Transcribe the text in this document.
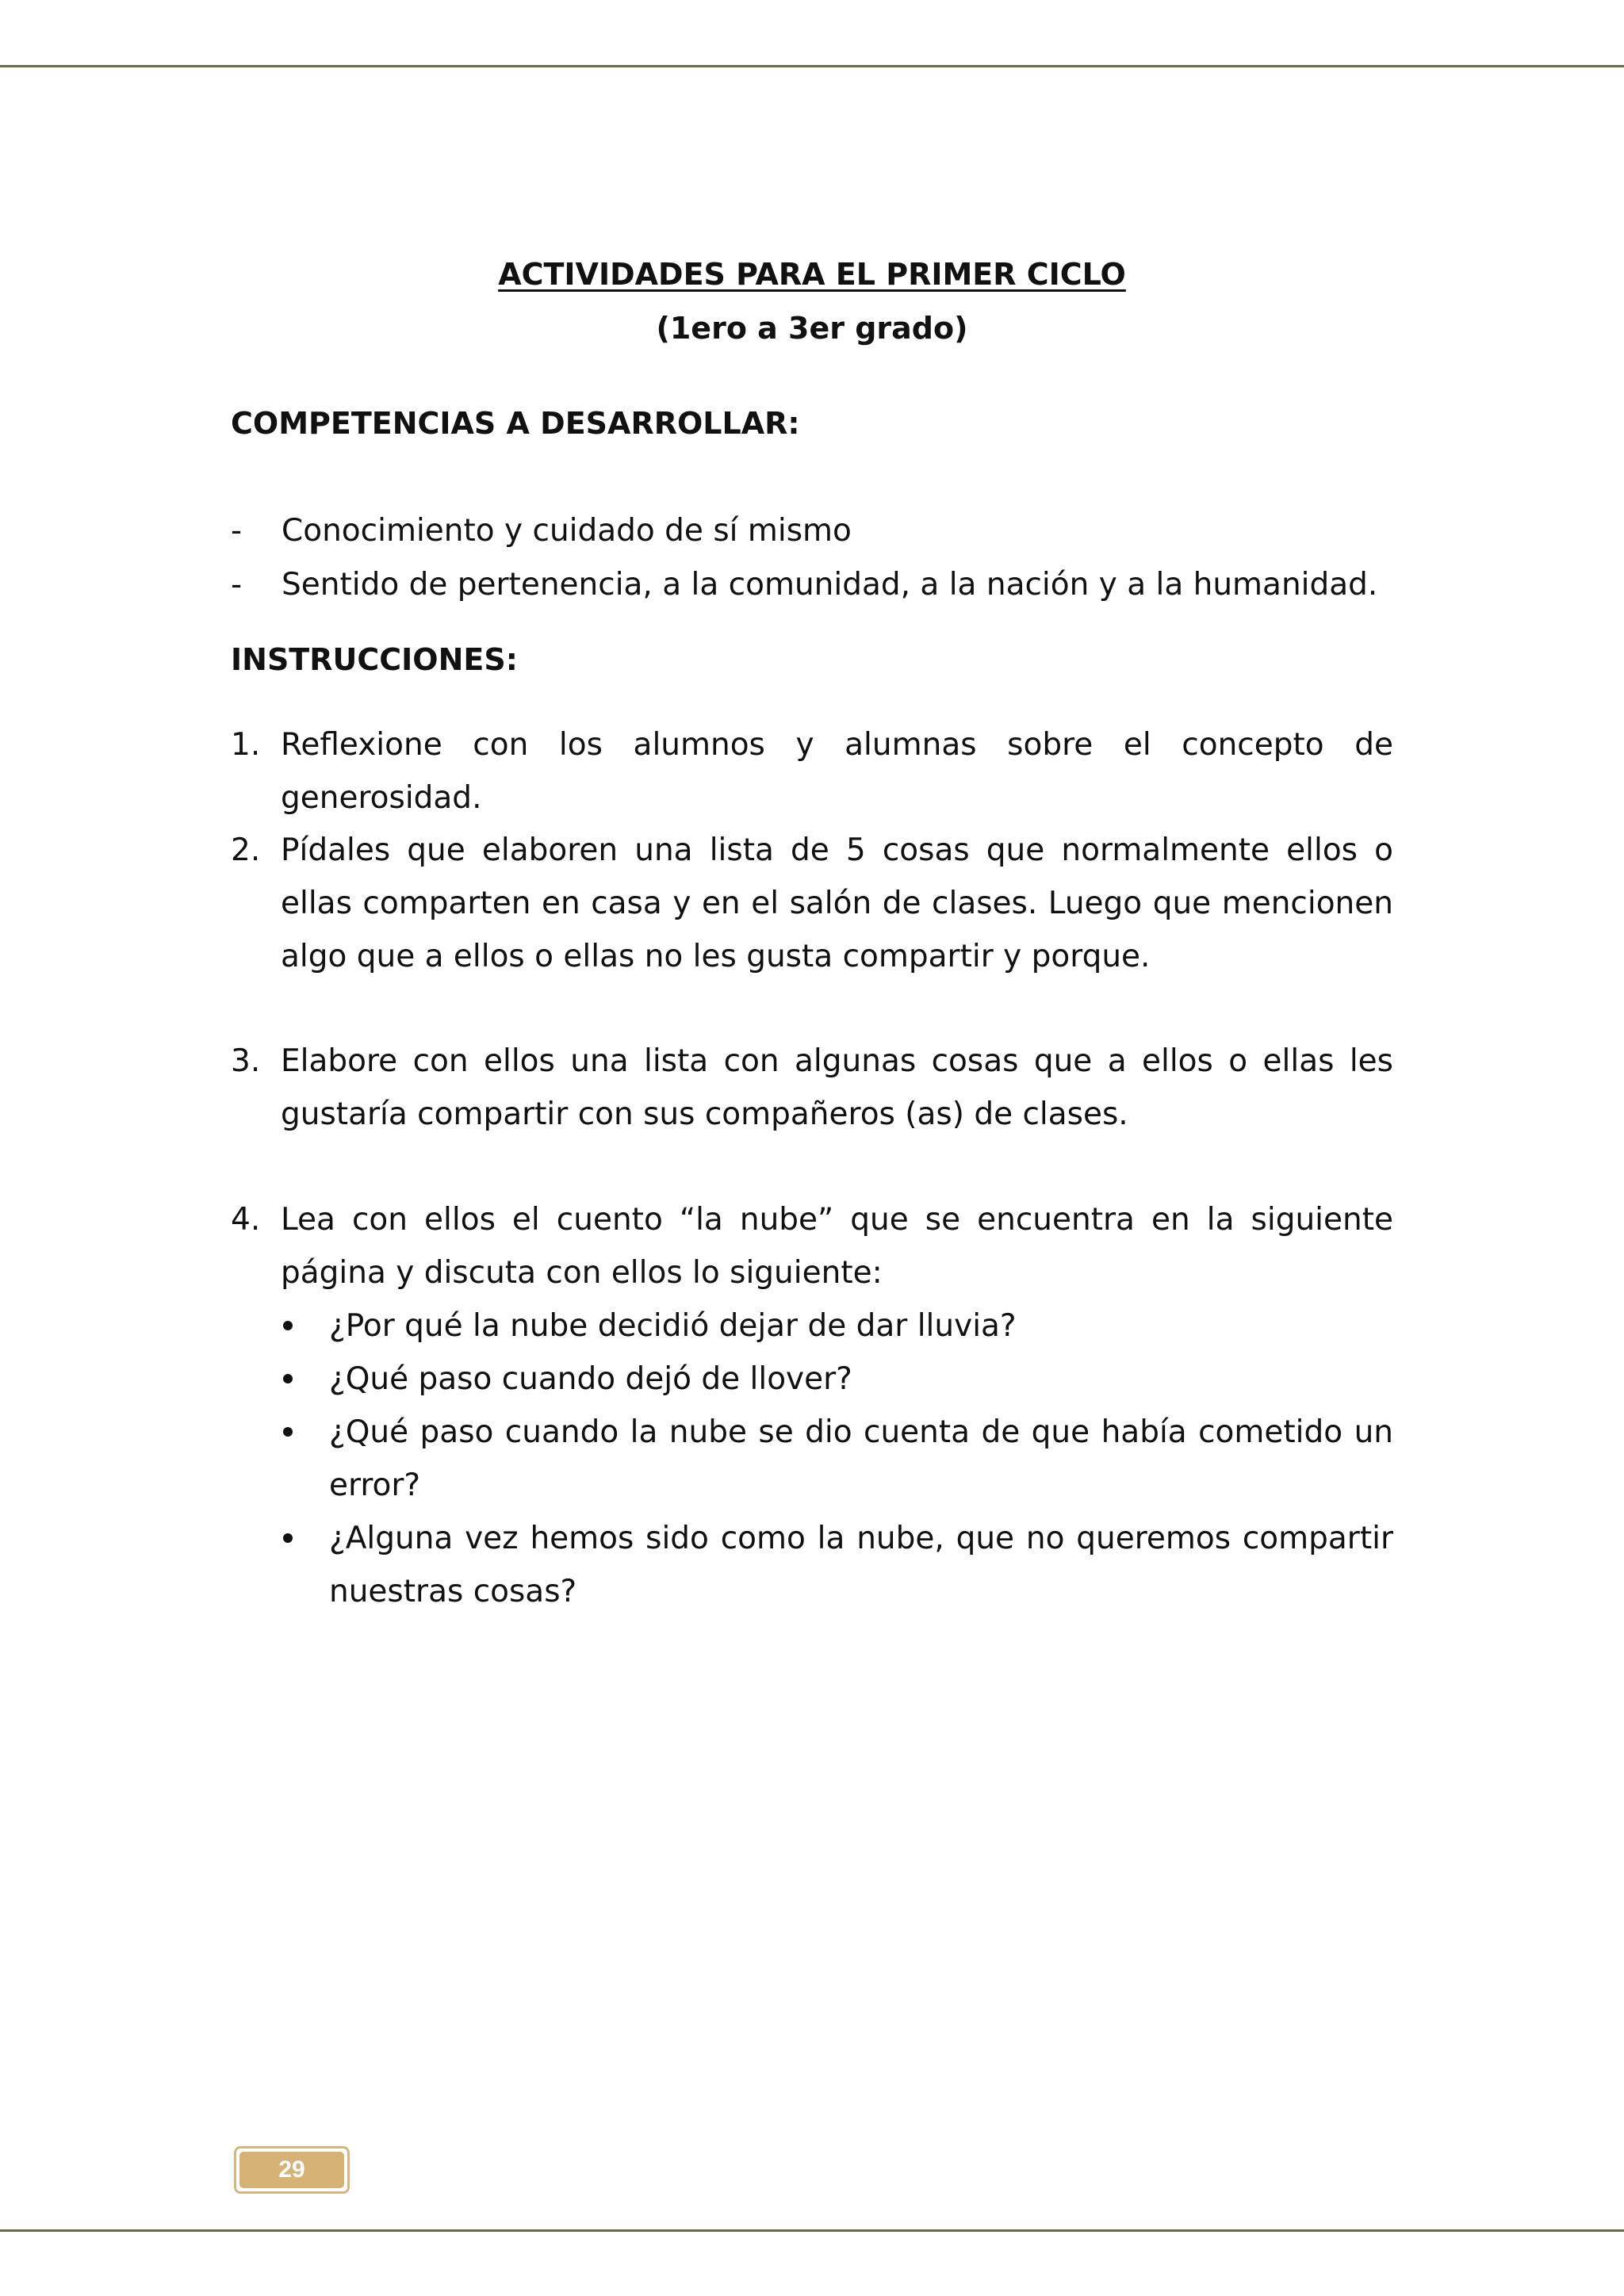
ACTIVIDADES PARA EL PRIMER CICLO
(1ero a 3er grado)
COMPETENCIAS A DESARROLLAR:
- Conocimiento y cuidado de sí mismo
- Sentido de pertenencia, a la comunidad, a la nación y a la humanidad.
INSTRUCCIONES:
1. Reflexione con los alumnos y alumnas sobre el concepto de generosidad.
2. Pídales que elaboren una lista de 5 cosas que normalmente ellos o ellas comparten en casa y en el salón de clases. Luego que mencionen algo que a ellos o ellas no les gusta compartir y porque.
3. Elabore con ellos una lista con algunas cosas que a ellos o ellas les gustaría compartir con sus compañeros (as) de clases.
4. Lea con ellos el cuento “la nube” que se encuentra en la siguiente página y discuta con ellos lo siguiente:
¿Por qué la nube decidió dejar de dar lluvia?
¿Qué paso cuando dejó de llover?
¿Qué paso cuando la nube se dio cuenta de que había cometido un error?
¿Alguna vez hemos sido como la nube, que no queremos compartir nuestras cosas?
29
